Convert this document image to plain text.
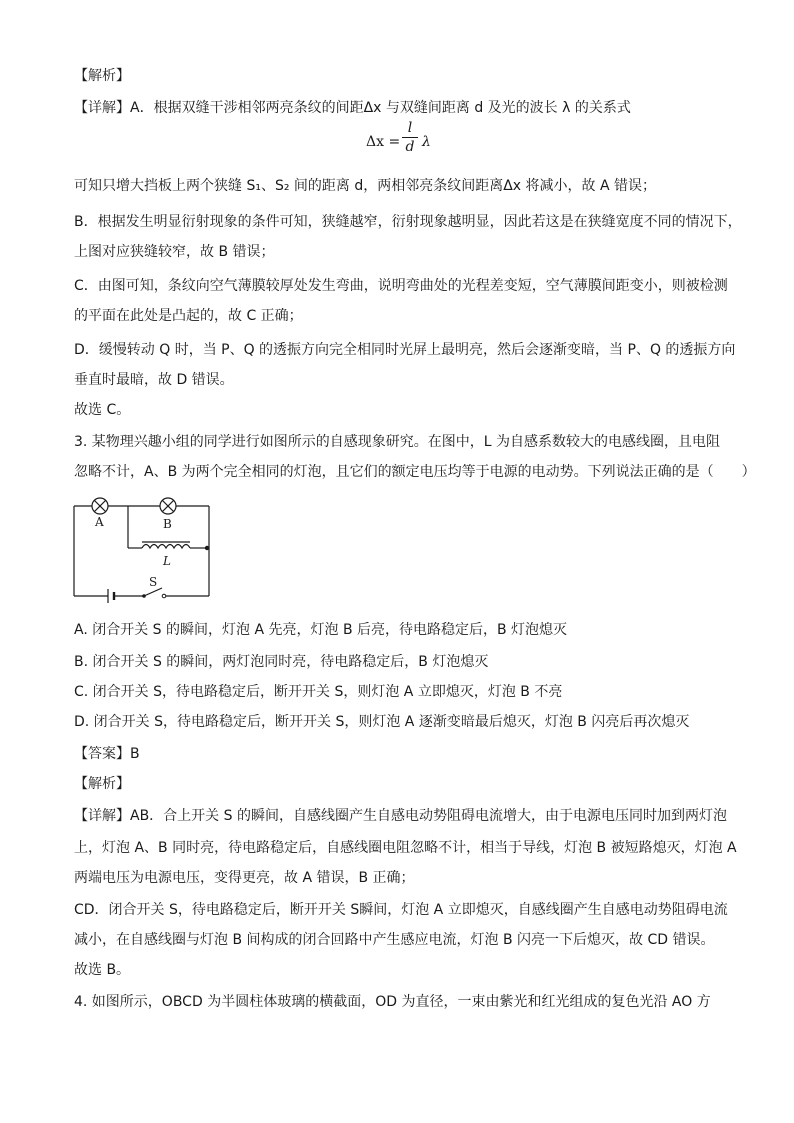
【解析】
【详解】A．根据双缝干涉相邻两亮条纹的间距Δx 与双缝间距离 d 及光的波长 λ 的关系式
Δx =
l
d λ
可知只增大挡板上两个狭缝 S₁、S₂ 间的距离 d，两相邻亮条纹间距离Δx 将减小，故 A 错误；
B．根据发生明显衍射现象的条件可知，狭缝越窄，衍射现象越明显，因此若这是在狭缝宽度不同的情况下，
上图对应狭缝较窄，故 B 错误；
C．由图可知，条纹向空气薄膜较厚处发生弯曲，说明弯曲处的光程差变短，空气薄膜间距变小，则被检测
的平面在此处是凸起的，故 C 正确；
D．缓慢转动 Q 时，当 P、Q 的透振方向完全相同时光屏上最明亮，然后会逐渐变暗，当 P、Q 的透振方向
垂直时最暗，故 D 错误。
故选 C。
3. 某物理兴趣小组的同学进行如图所示的自感现象研究。在图中，L 为自感系数较大的电感线圈，且电阻
忽略不计，A、B 为两个完全相同的灯泡，且它们的额定电压均等于电源的电动势。下列说法正确的是（　　）
A	B
L
S
A. 闭合开关 S 的瞬间，灯泡 A 先亮，灯泡 B 后亮，待电路稳定后，B 灯泡熄灭
B. 闭合开关 S 的瞬间，两灯泡同时亮，待电路稳定后，B 灯泡熄灭
C. 闭合开关 S，待电路稳定后，断开开关 S，则灯泡 A 立即熄灭，灯泡 B 不亮
D. 闭合开关 S，待电路稳定后，断开开关 S，则灯泡 A 逐渐变暗最后熄灭，灯泡 B 闪亮后再次熄灭
【答案】B
【解析】
【详解】AB．合上开关 S 的瞬间，自感线圈产生自感电动势阻碍电流增大，由于电源电压同时加到两灯泡
上，灯泡 A、B 同时亮，待电路稳定后，自感线圈电阻忽略不计，相当于导线，灯泡 B 被短路熄灭，灯泡 A
两端电压为电源电压，变得更亮，故 A 错误，B 正确；
CD．闭合开关 S，待电路稳定后，断开开关 S瞬间，灯泡 A 立即熄灭，自感线圈产生自感电动势阻碍电流
减小，在自感线圈与灯泡 B 间构成的闭合回路中产生感应电流，灯泡 B 闪亮一下后熄灭，故 CD 错误。
故选 B。
4. 如图所示，OBCD 为半圆柱体玻璃的横截面，OD 为直径，一束由紫光和红光组成的复色光沿 AO 方
